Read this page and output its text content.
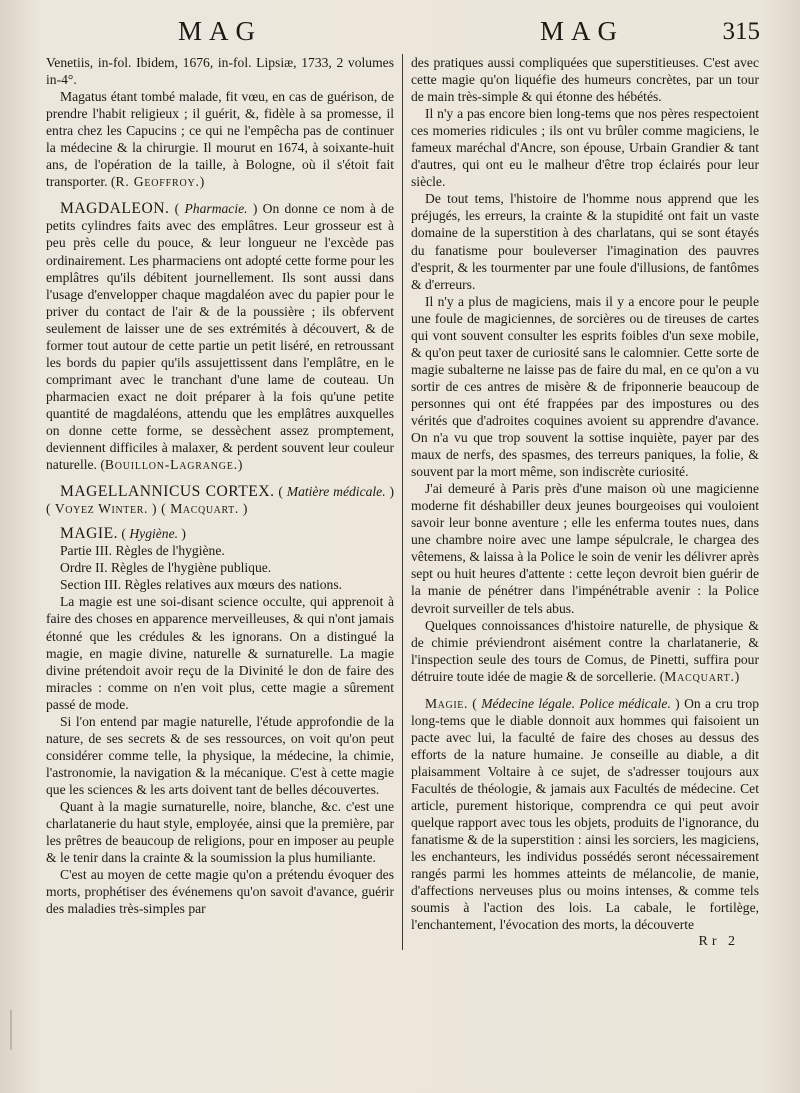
MAG	MAG	315

Venetiis, in-fol. Ibidem, 1676, in-fol. Lipsiæ, 1733, 2 volumes in-4°.

Magatus étant tombé malade, fit vœu, en cas de guérison, de prendre l'habit religieux ; il guérit, &, fidèle à sa promesse, il entra chez les Capucins ; ce qui ne l'empêcha pas de continuer la médecine & la chirurgie. Il mourut en 1674, à soixante-huit ans, de l'opération de la taille, à Bologne, où il s'étoit fait transporter. (R. Geoffroy.)

MAGDALEON. ( Pharmacie. ) On donne ce nom à de petits cylindres faits avec des emplâtres. Leur grosseur est à peu près celle du pouce, & leur longueur ne l'excède pas ordinairement. Les pharmaciens ont adopté cette forme pour les emplâtres qu'ils débitent journellement. Ils sont aussi dans l'usage d'envelopper chaque magdaléon avec du papier pour le priver du contact de l'air & de la poussière ; ils obfervent seulement de laisser une de ses extrémités à découvert, & de former tout autour de cette partie un petit liséré, en retroussant les bords du papier qu'ils assujettissent dans l'emplâtre, en le comprimant avec le tranchant d'une lame de couteau. Un pharmacien exact ne doit préparer à la fois qu'une petite quantité de magdaléons, attendu que les emplâtres auxquelles on donne cette forme, se dessèchent assez promptement, deviennent difficiles à malaxer, & perdent souvent leur couleur naturelle. (Bouillon-Lagrange.)

MAGELLANNICUS CORTEX. ( Matière médicale. ) ( Voyez Winter. ) ( Macquart. )

MAGIE. ( Hygiène. )

Partie III. Règles de l'hygiène.

Ordre II. Règles de l'hygiène publique.

Section III. Règles relatives aux mœurs des nations.

La magie est une soi-disant science occulte, qui apprenoit à faire des choses en apparence merveilleuses, & qui n'ont jamais étonné que les crédules & les ignorans. On a distingué la magie, en magie divine, naturelle & surnaturelle. La magie divine prétendoit avoir reçu de la Divinité le don de faire des miracles : comme on n'en voit plus, cette magie a sûrement passé de mode.

Si l'on entend par magie naturelle, l'étude approfondie de la nature, de ses secrets & de ses ressources, on voit qu'on peut considérer comme telle, la physique, la médecine, la chimie, l'astronomie, la navigation & la mécanique. C'est à cette magie que les sciences & les arts doivent tant de belles découvertes.

Quant à la magie surnaturelle, noire, blanche, &c. c'est une charlatanerie du haut style, employée, ainsi que la première, par les prêtres de beaucoup de religions, pour en imposer au peuple & le tenir dans la crainte & la soumission la plus humiliante.

C'est au moyen de cette magie qu'on a prétendu évoquer des morts, prophétiser des événemens qu'on savoit d'avance, guérir des maladies très-simples par

des pratiques aussi compliquées que superstitieuses. C'est avec cette magie qu'on liquéfie des humeurs concrètes, par un tour de main très-simple & qui étonne des hébétés.

Il n'y a pas encore bien long-tems que nos pères respectoient ces momeries ridicules ; ils ont vu brûler comme magiciens, le fameux maréchal d'Ancre, son épouse, Urbain Grandier & tant d'autres, qui ont eu le malheur d'être trop éclairés pour leur siècle.

De tout tems, l'histoire de l'homme nous apprend que les préjugés, les erreurs, la crainte & la stupidité ont fait un vaste domaine de la superstition à des charlatans, qui se sont étayés du fanatisme pour bouleverser l'imagination des pauvres d'esprit, & les tourmenter par une foule d'illusions, de fantômes & d'erreurs.

Il n'y a plus de magiciens, mais il y a encore pour le peuple une foule de magiciennes, de sorcières ou de tireuses de cartes qui vont souvent consulter les esprits foibles d'un sexe mobile, & qu'on peut taxer de curiosité sans le calomnier. Cette sorte de magie subalterne ne laisse pas de faire du mal, en ce qu'on a vu sortir de ces antres de misère & de friponnerie beaucoup de personnes qui ont été frappées par des impostures ou des vérités que d'adroites coquines avoient su apprendre d'avance. On n'a vu que trop souvent la sottise inquiète, payer par des maux de nerfs, des spasmes, des terreurs paniques, la folie, & souvent par la mort même, son indiscrète curiosité.

J'ai demeuré à Paris près d'une maison où une magicienne moderne fit déshabiller deux jeunes bourgeoises qui vouloient savoir leur bonne aventure ; elle les enferma toutes nues, dans une chambre noire avec une lampe sépulcrale, le chargea des vêtemens, & laissa à la Police le soin de venir les délivrer après sept ou huit heures d'attente : cette leçon devroit bien guérir de la manie de pénétrer dans l'impénétrable avenir : la Police devroit surveiller de tels abus.

Quelques connoissances d'histoire naturelle, de physique & de chimie préviendront aisément contre la charlatanerie, & l'inspection seule des tours de Comus, de Pinetti, suffira pour détruire toute idée de magie & de sorcellerie. (Macquart.)

Magie. ( Médecine légale. Police médicale. ) On a cru trop long-tems que le diable donnoit aux hommes qui faisoient un pacte avec lui, la faculté de faire des choses au dessus des efforts de la nature humaine. Je conseille au diable, a dit plaisamment Voltaire à ce sujet, de s'adresser toujours aux Facultés de théologie, & jamais aux Facultés de médecine. Cet article, purement historique, comprendra ce qui peut avoir quelque rapport avec tous les objets, produits de l'ignorance, du fanatisme & de la superstition : ainsi les sorciers, les magiciens, les enchanteurs, les individus possédés seront nécessairement rangés parmi les hommes atteints de mélancolie, de manie, d'affections nerveuses plus ou moins intenses, & comme tels soumis à l'action des lois. La cabale, le fortilège, l'enchantement, l'évocation des morts, la découverte

Rr 2
